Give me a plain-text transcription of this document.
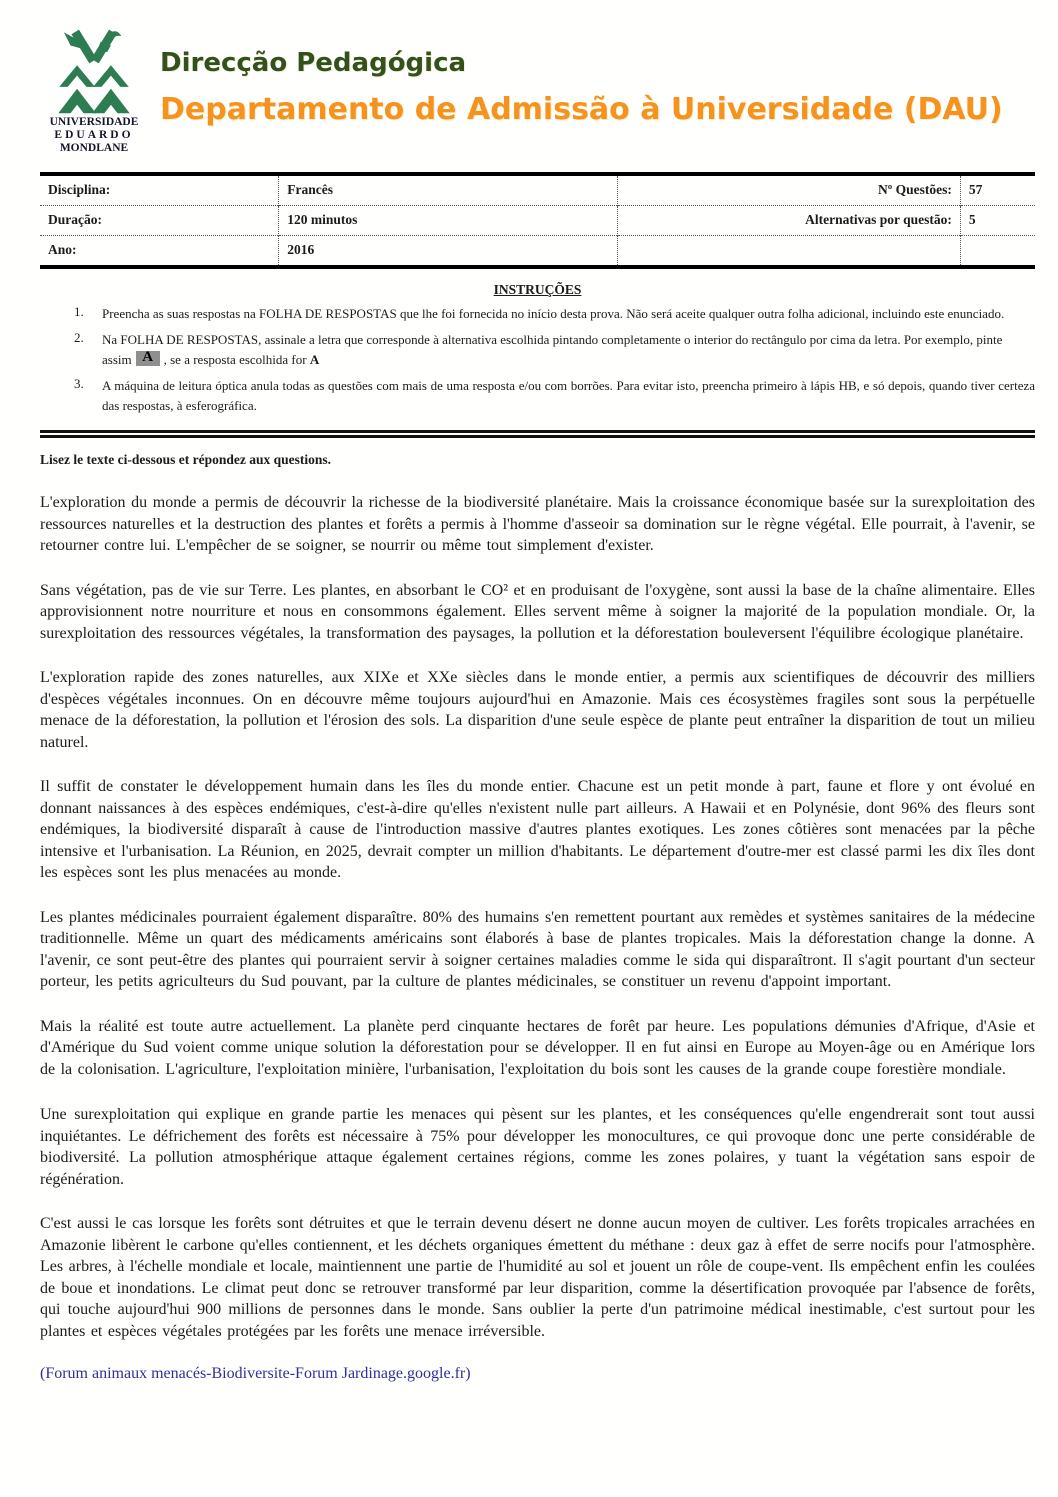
UNIVERSIDADE
EDUARDO
MONDLANE
Direcção Pedagógica
Departamento de Admissão à Universidade (DAU)
Disciplina:	Francês	Nº Questões:	57
Duração:	120 minutos	Alternativas por questão:	5
Ano:	2016		
INSTRUÇÕES
1.	Preencha as suas respostas na FOLHA DE RESPOSTAS que lhe foi fornecida no início desta prova. Não será aceite qualquer outra folha adicional, incluindo este enunciado.
2.	Na FOLHA DE RESPOSTAS, assinale a letra que corresponde à alternativa escolhida pintando completamente o interior do rectângulo por cima da letra. Por exemplo, pinte
assim A , se a resposta escolhida for A
3.	A máquina de leitura óptica anula todas as questões com mais de uma resposta e/ou com borrões. Para evitar isto, preencha primeiro à lápis HB, e só depois, quando tiver certeza das respostas, à esferográfica.
Lisez le texte ci-dessous et répondez aux questions.

L'exploration du monde a permis de découvrir la richesse de la biodiversité planétaire. Mais la croissance économique basée sur la surexploitation des ressources naturelles et la destruction des plantes et forêts a permis à l'homme d'asseoir sa domination sur le règne végétal. Elle pourrait, à l'avenir, se retourner contre lui. L'empêcher de se soigner, se nourrir ou même tout simplement d'exister.

Sans végétation, pas de vie sur Terre. Les plantes, en absorbant le CO² et en produisant de l'oxygène, sont aussi la base de la chaîne alimentaire. Elles approvisionnent notre nourriture et nous en consommons également. Elles servent même à soigner la majorité de la population mondiale. Or, la surexploitation des ressources végétales, la transformation des paysages, la pollution et la déforestation bouleversent l'équilibre écologique planétaire.

L'exploration rapide des zones naturelles, aux XIXe et XXe siècles dans le monde entier, a permis aux scientifiques de découvrir des milliers d'espèces végétales inconnues. On en découvre même toujours aujourd'hui en Amazonie. Mais ces écosystèmes fragiles sont sous la perpétuelle menace de la déforestation, la pollution et l'érosion des sols. La disparition d'une seule espèce de plante peut entraîner la disparition de tout un milieu naturel.

Il suffit de constater le développement humain dans les îles du monde entier. Chacune est un petit monde à part, faune et flore y ont évolué en donnant naissances à des espèces endémiques, c'est-à-dire qu'elles n'existent nulle part ailleurs. A Hawaii et en Polynésie, dont 96% des fleurs sont endémiques, la biodiversité disparaît à cause de l'introduction massive d'autres plantes exotiques. Les zones côtières sont menacées par la pêche intensive et l'urbanisation. La Réunion, en 2025, devrait compter un million d'habitants. Le département d'outre-mer est classé parmi les dix îles dont les espèces sont les plus menacées au monde.

Les plantes médicinales pourraient également disparaître. 80% des humains s'en remettent pourtant aux remèdes et systèmes sanitaires de la médecine traditionnelle. Même un quart des médicaments américains sont élaborés à base de plantes tropicales. Mais la déforestation change la donne. A l'avenir, ce sont peut-être des plantes qui pourraient servir à soigner certaines maladies comme le sida qui disparaîtront. Il s'agit pourtant d'un secteur porteur, les petits agriculteurs du Sud pouvant, par la culture de plantes médicinales, se constituer un revenu d'appoint important.

Mais la réalité est toute autre actuellement. La planète perd cinquante hectares de forêt par heure. Les populations démunies d'Afrique, d'Asie et d'Amérique du Sud voient comme unique solution la déforestation pour se développer. Il en fut ainsi en Europe au Moyen-âge ou en Amérique lors de la colonisation. L'agriculture, l'exploitation minière, l'urbanisation, l'exploitation du bois sont les causes de la grande coupe forestière mondiale.

Une surexploitation qui explique en grande partie les menaces qui pèsent sur les plantes, et les conséquences qu'elle engendrerait sont tout aussi inquiétantes. Le défrichement des forêts est nécessaire à 75% pour développer les monocultures, ce qui provoque donc une perte considérable de biodiversité. La pollution atmosphérique attaque également certaines régions, comme les zones polaires, y tuant la végétation sans espoir de régénération.

C'est aussi le cas lorsque les forêts sont détruites et que le terrain devenu désert ne donne aucun moyen de cultiver. Les forêts tropicales arrachées en Amazonie libèrent le carbone qu'elles contiennent, et les déchets organiques émettent du méthane : deux gaz à effet de serre nocifs pour l'atmosphère. Les arbres, à l'échelle mondiale et locale, maintiennent une partie de l'humidité au sol et jouent un rôle de coupe-vent. Ils empêchent enfin les coulées de boue et inondations. Le climat peut donc se retrouver transformé par leur disparition, comme la désertification provoquée par l'absence de forêts, qui touche aujourd'hui 900 millions de personnes dans le monde. Sans oublier la perte d'un patrimoine médical inestimable, c'est surtout pour les plantes et espèces végétales protégées par les forêts une menace irréversible.

(Forum animaux menacés-Biodiversite-Forum Jardinage.google.fr)
